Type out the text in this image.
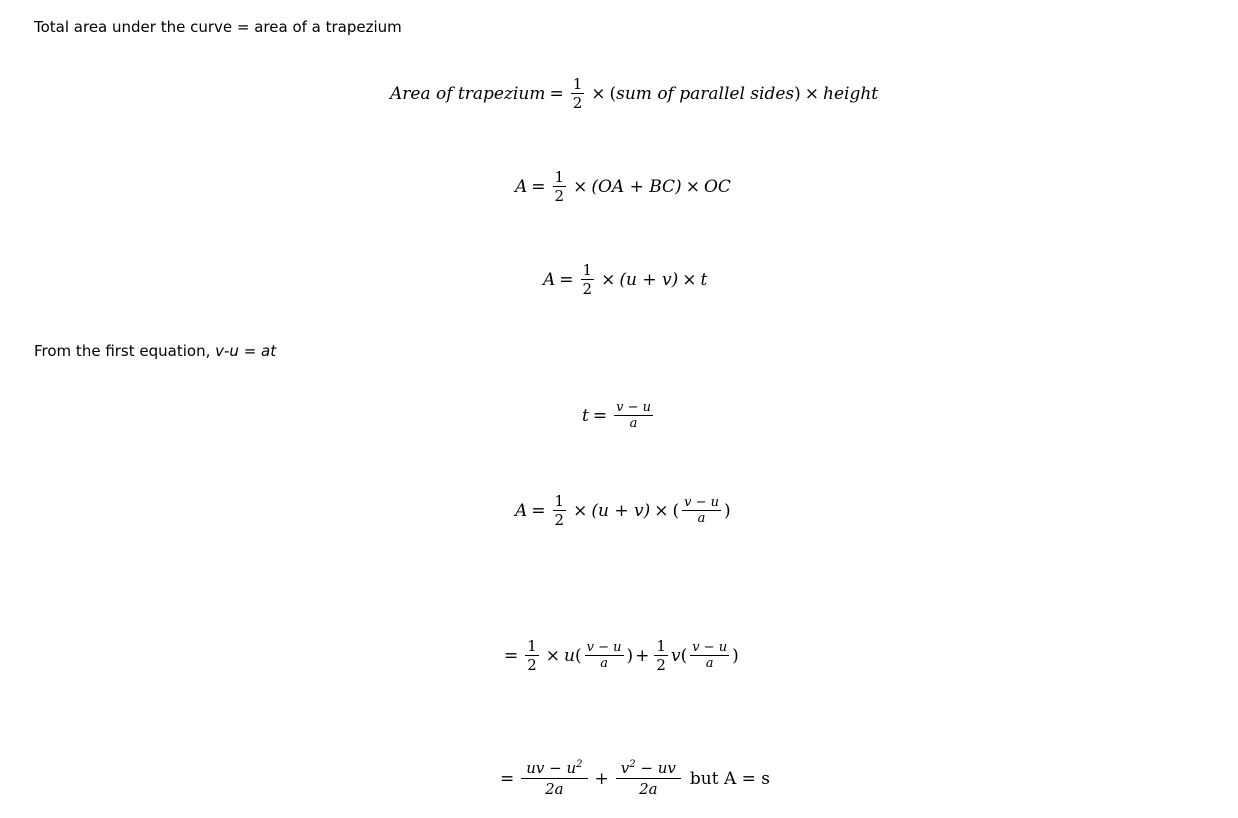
Total area under the curve = area of a trapezium
Area of trapezium = $\frac{1}{2}$ × ( sum of parallel sides ) × height
$A = \frac{1}{2} \times (OA + BC)$ × OC
$A = \frac{1}{2} \times (u + v) \times t$
From the first equation, v-u = at
$t = \frac{v - u}{a}$
$A = \frac{1}{2} \times (u + v)$ × ( $\frac{v - u}{a}$ )
= $\frac{1}{2} \times u$ ( $\frac{v - u}{a}$ ) + $\frac{1}{2}$ v ( $\frac{v - u}{a}$ )
= $\frac{uv - u^2}{2a} + \frac{v^2 - uv}{2a}$ but A = s
